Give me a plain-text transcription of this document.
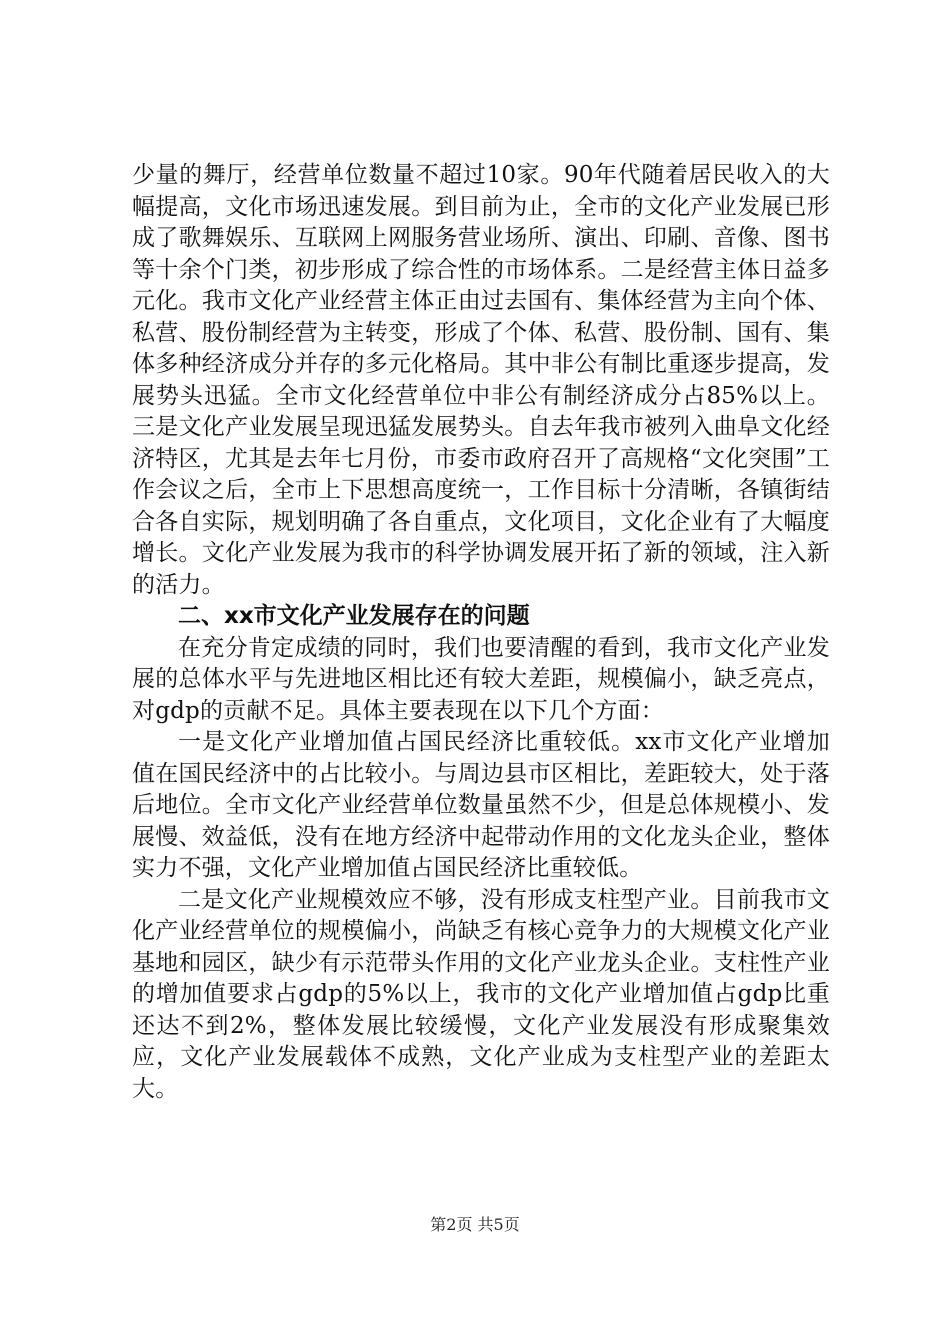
少量的舞厅，经营单位数量不超过10家。90年代随着居民收入的大幅提高，文化市场迅速发展。到目前为止，全市的文化产业发展已形成了歌舞娱乐、互联网上网服务营业场所、演出、印刷、音像、图书等十余个门类，初步形成了综合性的市场体系。二是经营主体日益多元化。我市文化产业经营主体正由过去国有、集体经营为主向个体、私营、股份制经营为主转变，形成了个体、私营、股份制、国有、集体多种经济成分并存的多元化格局。其中非公有制比重逐步提高，发展势头迅猛。全市文化经营单位中非公有制经济成分占85%以上。三是文化产业发展呈现迅猛发展势头。自去年我市被列入曲阜文化经济特区，尤其是去年七月份，市委市政府召开了高规格“文化突围”工作会议之后，全市上下思想高度统一，工作目标十分清晰，各镇街结合各自实际，规划明确了各自重点，文化项目，文化企业有了大幅度增长。文化产业发展为我市的科学协调发展开拓了新的领域，注入新的活力。

二、xx市文化产业发展存在的问题

在充分肯定成绩的同时，我们也要清醒的看到，我市文化产业发展的总体水平与先进地区相比还有较大差距，规模偏小，缺乏亮点，对gdp的贡献不足。具体主要表现在以下几个方面：

一是文化产业增加值占国民经济比重较低。xx市文化产业增加值在国民经济中的占比较小。与周边县市区相比，差距较大，处于落后地位。全市文化产业经营单位数量虽然不少，但是总体规模小、发展慢、效益低，没有在地方经济中起带动作用的文化龙头企业，整体实力不强，文化产业增加值占国民经济比重较低。

二是文化产业规模效应不够，没有形成支柱型产业。目前我市文化产业经营单位的规模偏小，尚缺乏有核心竞争力的大规模文化产业基地和园区，缺少有示范带头作用的文化产业龙头企业。支柱性产业的增加值要求占gdp的5%以上，我市的文化产业增加值占gdp比重还达不到2%，整体发展比较缓慢，文化产业发展没有形成聚集效应，文化产业发展载体不成熟，文化产业成为支柱型产业的差距太大。

第2页 共5页
